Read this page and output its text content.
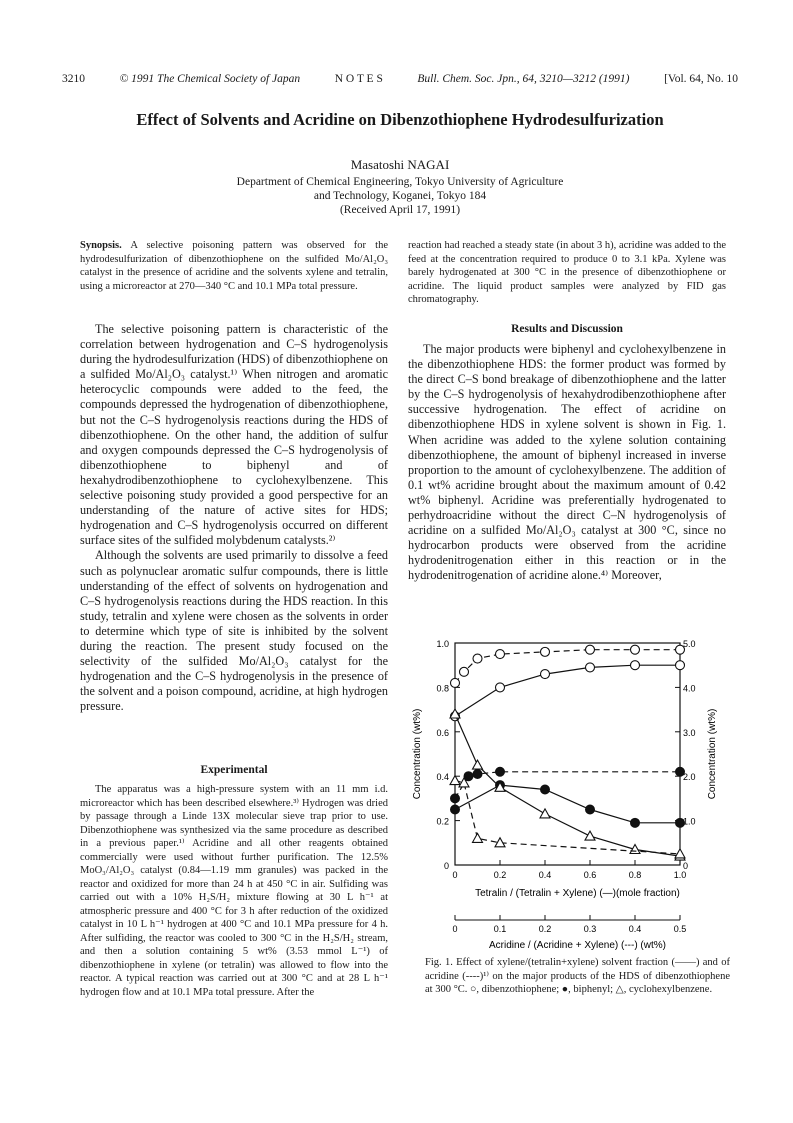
3210	© 1991 The Chemical Society of Japan	N O T E S	Bull. Chem. Soc. Jpn., 64, 3210—3212 (1991)	[Vol. 64, No. 10
Effect of Solvents and Acridine on Dibenzothiophene Hydrodesulfurization
Masatoshi NAGAI
Department of Chemical Engineering, Tokyo University of Agriculture
and Technology, Koganei, Tokyo 184
(Received April 17, 1991)
Synopsis. A selective poisoning pattern was observed for the hydrodesulfurization of dibenzothiophene on the sulfided Mo/Al₂O₃ catalyst in the presence of acridine and the solvents xylene and tetralin, using a microreactor at 270—340 °C and 10.1 MPa total pressure.

The selective poisoning pattern is characteristic of the correlation between hydrogenation and C–S hydrogenolysis during the hydrodesulfurization (HDS) of dibenzothiophene on a sulfided Mo/Al₂O₃ catalyst.¹⁾ When nitrogen and aromatic heterocyclic compounds were added to the feed, the compounds depressed the hydrogenation of dibenzothiophene, but not the C–S hydrogenolysis reactions during the HDS of dibenzothiophene. On the other hand, the addition of sulfur and oxygen compounds depressed the C–S hydrogenolysis of dibenzothiophene to biphenyl and of hexahydrodibenzothiophene to cyclohexylbenzene. This selective poisoning study provided a good perspective for an understanding of the nature of active sites for HDS; hydrogenation and C–S hydrogenolysis occurred on different surface sites of the sulfided molybdenum catalysts.²⁾

Although the solvents are used primarily to dissolve a feed such as polynuclear aromatic sulfur compounds, there is little understanding of the effect of solvents on hydrogenation and C–S hydrogenolysis reactions during the HDS reaction. In this study, tetralin and xylene were chosen as the solvents in order to determine which type of site is inhibited by the solvent during the reaction. The present study focused on the selectivity of the sulfided Mo/Al₂O₃ catalyst for the hydrogenation and the C–S hydrogenolysis in the presence of the solvent and a poison compound, acridine, at high hydrogen pressure.

Experimental

The apparatus was a high-pressure system with an 11 mm i.d. microreactor which has been described elsewhere.³⁾ Hydrogen was dried by passage through a Linde 13X molecular sieve trap prior to use. Dibenzothiophene was synthesized via the same procedure as described in a previous paper.¹⁾ Acridine and all other reagents obtained commercially were used without further purification. The 12.5% MoO₃/Al₂O₃ catalyst (0.84—1.19 mm granules) was packed in the reactor and oxidized for more than 24 h at 450 °C in air. Sulfiding was carried out with a 10% H₂S/H₂ mixture flowing at 30 L h⁻¹ at atmospheric pressure and 400 °C for 3 h after reduction of the oxidized catalyst in 10 L h⁻¹ hydrogen at 400 °C and 10.1 MPa pressure for 4 h. After sulfiding, the reactor was cooled to 300 °C in the H₂S/H₂ stream, and then a solution containing 5 wt% (3.53 mmol L⁻¹) of dibenzothiophene in xylene (or tetralin) was allowed to flow into the reactor. A typical reaction was carried out at 300 °C and at 28 L h⁻¹ hydrogen flow and at 10.1 MPa total pressure. After the

reaction had reached a steady state (in about 3 h), acridine was added to the feed at the concentration required to produce 0 to 3.1 kPa. Xylene was barely hydrogenated at 300 °C in the presence of dibenzothiophene or acridine. The liquid product samples were analyzed by FID gas chromatography.

Results and Discussion

The major products were biphenyl and cyclohexylbenzene in the dibenzothiophene HDS: the former product was formed by the direct C–S bond breakage of dibenzothiophene and the latter by the C–S hydrogenolysis of hexahydrodibenzothiophene after successive hydrogenation. The effect of acridine on dibenzothiophene HDS in xylene solvent is shown in Fig. 1. When acridine was added to the xylene solution containing dibenzothiophene, the amount of biphenyl increased in inverse proportion to the amount of cyclohexylbenzene. The addition of 0.1 wt% acridine brought about the maximum amount of 0.42 wt% biphenyl. Acridine was preferentially hydrogenated to perhydroacridine without the direct C–N hydrogenolysis of acridine on a sulfided Mo/Al₂O₃ catalyst at 300 °C, since no hydrocarbon products were observed from the acridine hydrodenitrogenation either in this reaction or in the hydrodenitrogenation of acridine alone.⁴⁾ Moreover,

0
0.2
0.4
0.6
0.8
1.0
0
1.0
2.0
3.0
4.0
5.0
0	0.2	0.4	0.6	0.8	1.0
Tetralin / (Tetralin + Xylene) (—)(mole fraction)
0	0.1	0.2	0.3	0.4	0.5
Acridine / (Acridine + Xylene) (---) (wt%)
Concentration (wt%)	Concentration (wt%)
Fig. 1. Effect of xylene/(tetralin+xylene) solvent fraction (——) and of acridine (----)¹⁾ on the major products of the HDS of dibenzothiophene at 300 °C. ○, dibenzothiophene; ●, biphenyl; △, cyclohexylbenzene.
